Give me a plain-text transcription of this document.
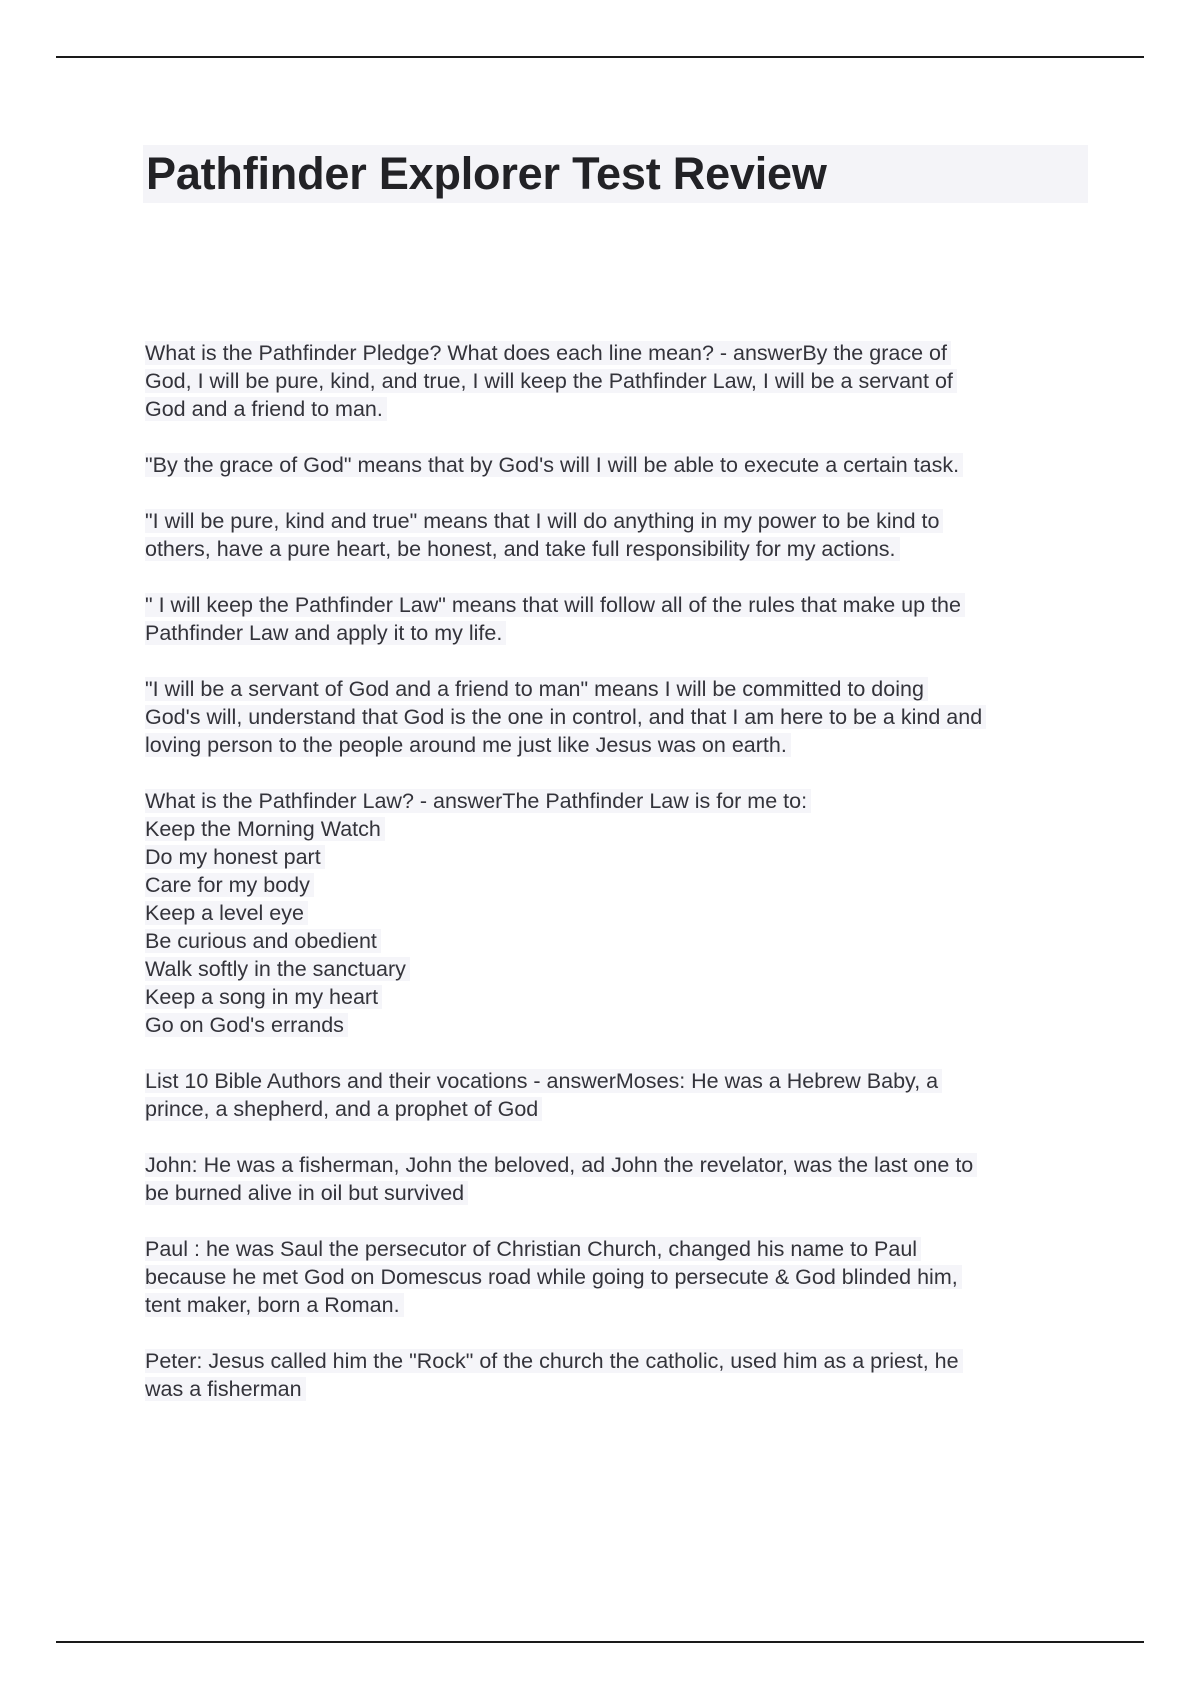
Pathfinder Explorer Test Review

What is the Pathfinder Pledge? What does each line mean? - answerBy the grace of
God, I will be pure, kind, and true, I will keep the Pathfinder Law, I will be a servant of
God and a friend to man.

"By the grace of God" means that by God's will I will be able to execute a certain task.

"I will be pure, kind and true" means that I will do anything in my power to be kind to
others, have a pure heart, be honest, and take full responsibility for my actions.

" I will keep the Pathfinder Law" means that will follow all of the rules that make up the
Pathfinder Law and apply it to my life.

"I will be a servant of God and a friend to man" means I will be committed to doing
God's will, understand that God is the one in control, and that I am here to be a kind and
loving person to the people around me just like Jesus was on earth.

What is the Pathfinder Law? - answerThe Pathfinder Law is for me to:
Keep the Morning Watch
Do my honest part
Care for my body
Keep a level eye
Be curious and obedient
Walk softly in the sanctuary
Keep a song in my heart
Go on God's errands

List 10 Bible Authors and their vocations - answerMoses: He was a Hebrew Baby, a
prince, a shepherd, and a prophet of God

John: He was a fisherman, John the beloved, ad John the revelator, was the last one to
be burned alive in oil but survived

Paul : he was Saul the persecutor of Christian Church, changed his name to Paul
because he met God on Domescus road while going to persecute & God blinded him,
tent maker, born a Roman.

Peter: Jesus called him the "Rock" of the church the catholic, used him as a priest, he
was a fisherman
